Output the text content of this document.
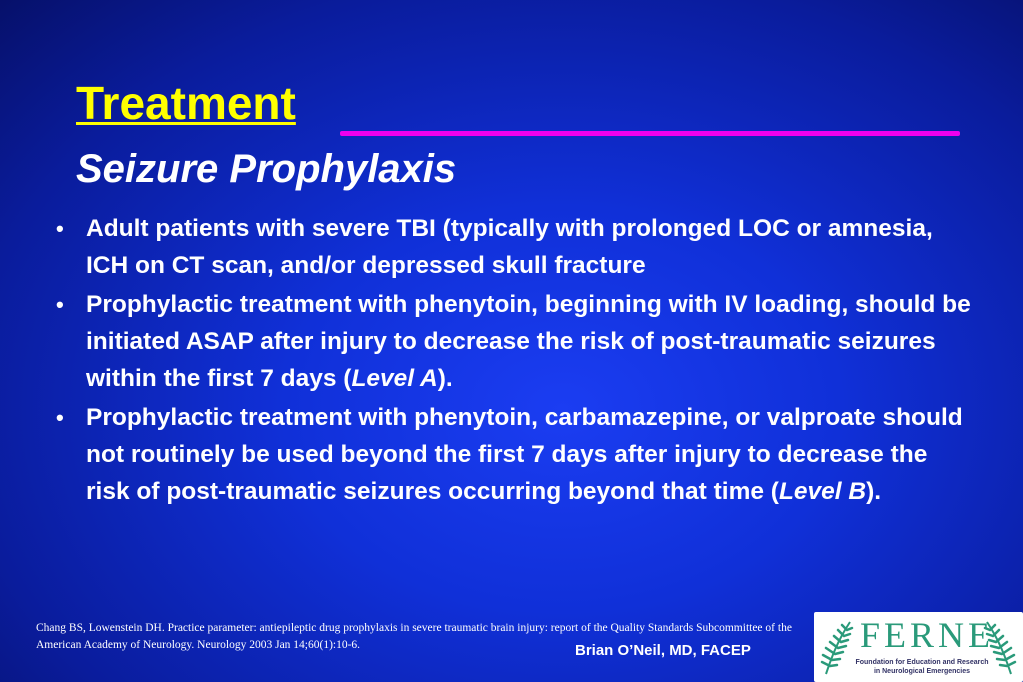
Treatment
Seizure Prophylaxis
• Adult patients with severe TBI (typically with prolonged LOC or amnesia, ICH on CT scan, and/or depressed skull fracture
• Prophylactic treatment with phenytoin, beginning with IV loading, should be initiated ASAP after injury to decrease the risk of post-traumatic seizures within the first 7 days (Level A).
• Prophylactic treatment with phenytoin, carbamazepine, or valproate should not routinely be used beyond the first 7 days after injury to decrease the risk of post-traumatic seizures occurring beyond that time (Level B).
Chang BS, Lowenstein DH. Practice parameter: antiepileptic drug prophylaxis in severe traumatic brain injury: report of the Quality Standards Subcommittee of the American Academy of Neurology. Neurology 2003 Jan 14;60(1):10-6.	Brian O’Neil, MD, FACEP	FERNE
Foundation for Education and Research in Neurological Emergencies
